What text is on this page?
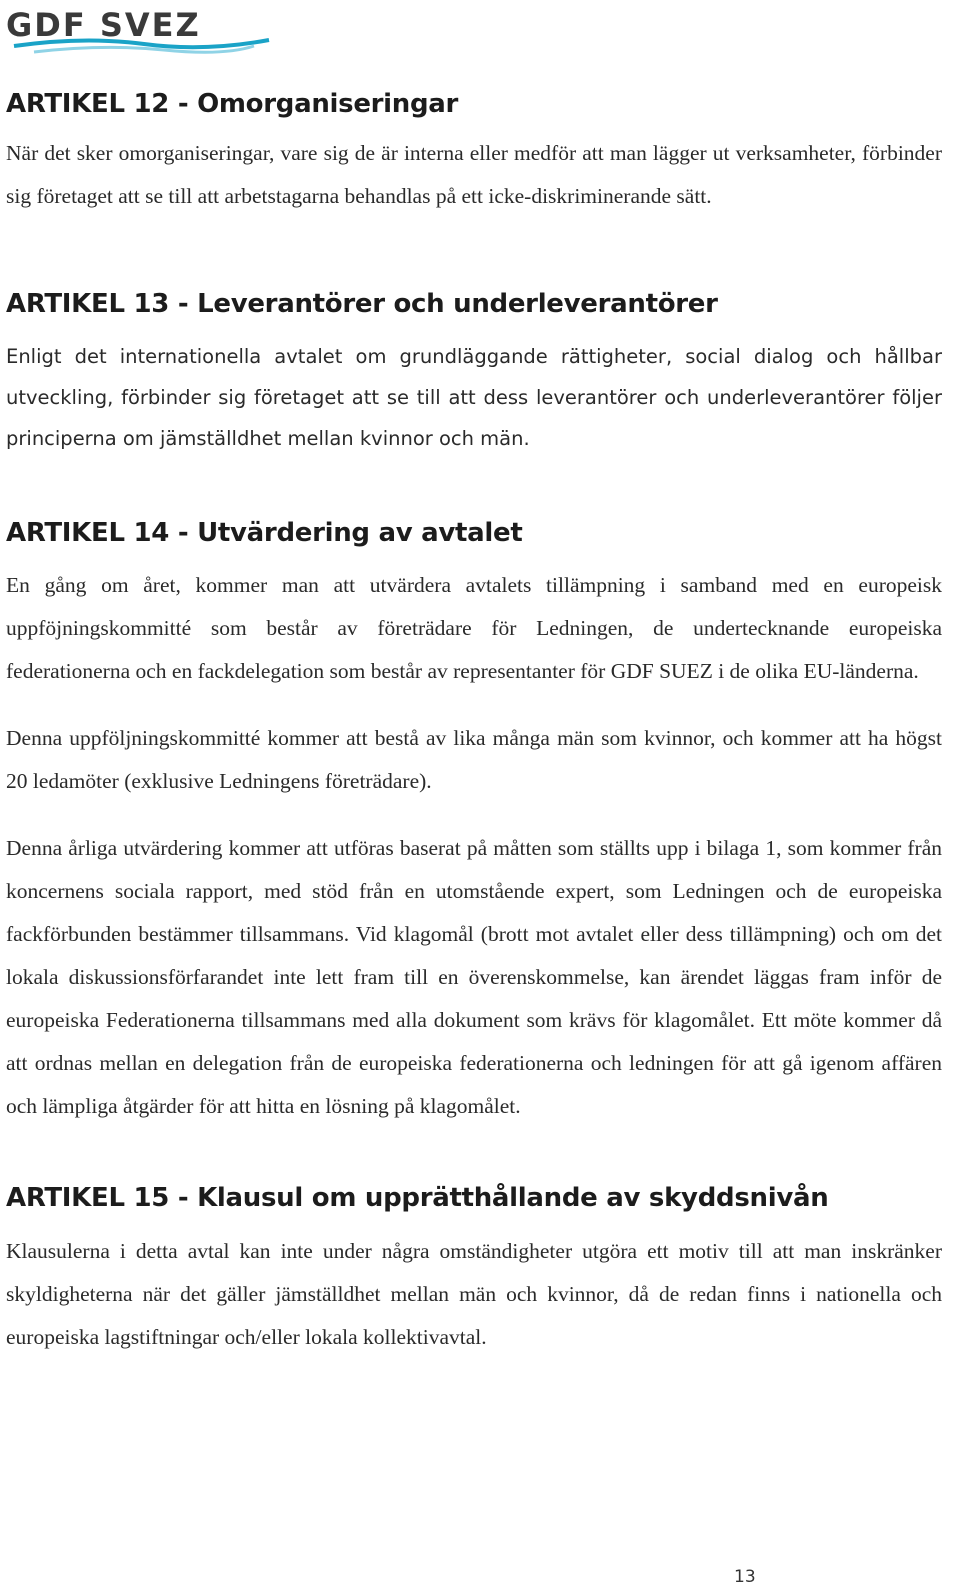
GDF SVEZ
ARTIKEL 12 - Omorganiseringar

När det sker omorganiseringar, vare sig de är interna eller medför att man lägger ut verksamheter, förbinder sig företaget att se till att arbetstagarna behandlas på ett icke-diskriminerande sätt.

ARTIKEL 13 - Leverantörer och underleverantörer

Enligt det internationella avtalet om grundläggande rättigheter, social dialog och hållbar utveckling, förbinder sig företaget att se till att dess leverantörer och underleverantörer följer principerna om jämställdhet mellan kvinnor och män.

ARTIKEL 14 - Utvärdering av avtalet

En gång om året, kommer man att utvärdera avtalets tillämpning i samband med en europeisk uppföjningskommitté som består av företrädare för Ledningen, de undertecknande europeiska federationerna och en fackdelegation som består av representanter för GDF SUEZ i de olika EU-länderna.

Denna uppföljningskommitté kommer att bestå av lika många män som kvinnor, och kommer att ha högst 20 ledamöter (exklusive Ledningens företrädare).

Denna årliga utvärdering kommer att utföras baserat på måtten som ställts upp i bilaga 1, som kommer från koncernens sociala rapport, med stöd från en utomstående expert, som Ledningen och de europeiska fackförbunden bestämmer tillsammans. Vid klagomål (brott mot avtalet eller dess tillämpning) och om det lokala diskussionsförfarandet inte lett fram till en överenskommelse, kan ärendet läggas fram inför de europeiska Federationerna tillsammans med alla dokument som krävs för klagomålet. Ett möte kommer då att ordnas mellan en delegation från de europeiska federationerna och ledningen för att gå igenom affären och lämpliga åtgärder för att hitta en lösning på klagomålet.

ARTIKEL 15 - Klausul om upprätthållande av skyddsnivån

Klausulerna i detta avtal kan inte under några omständigheter utgöra ett motiv till att man inskränker skyldigheterna när det gäller jämställdhet mellan män och kvinnor, då de redan finns i nationella och europeiska lagstiftningar och/eller lokala kollektivavtal.

13
